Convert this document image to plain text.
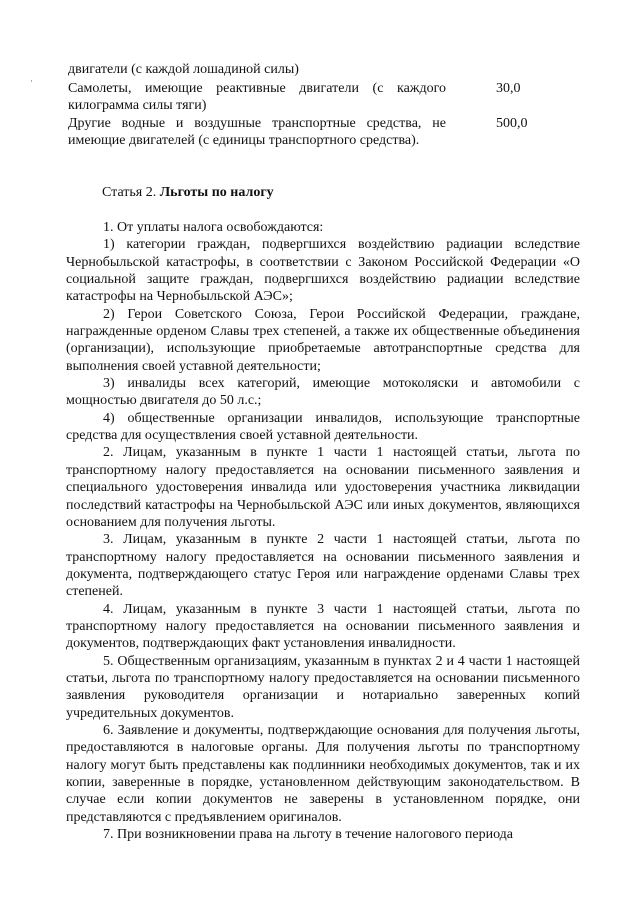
·
двигатели (с каждой лошадиной силы)
Самолеты, имеющие реактивные двигатели (с каждого килограмма силы тяги)
30,0
Другие водные и воздушные транспортные средства, не имеющие двигателей (с единицы транспортного средства).
500,0
Статья 2. Льготы по налогу

1. От уплаты налога освобождаются:

1) категории граждан, подвергшихся воздействию радиации вследствие Чернобыльской катастрофы, в соответствии с Законом Российской Федерации «О социальной защите граждан, подвергшихся воздействию радиации вследствие катастрофы на Чернобыльской АЭС»;

2) Герои Советского Союза, Герои Российской Федерации, граждане, награжденные орденом Славы трех степеней, а также их общественные объединения (организации), использующие приобретаемые автотранспортные средства для выполнения своей уставной деятельности;

3) инвалиды всех категорий, имеющие мотоколяски и автомобили с мощностью двигателя до 50 л.с.;

4) общественные организации инвалидов, использующие транспортные средства для осуществления своей уставной деятельности.

2. Лицам, указанным в пункте 1 части 1 настоящей статьи, льгота по транспортному налогу предоставляется на основании письменного заявления и специального удостоверения инвалида или удостоверения участника ликвидации последствий катастрофы на Чернобыльской АЭС или иных документов, являющихся основанием для получения льготы.

3. Лицам, указанным в пункте 2 части 1 настоящей статьи, льгота по транспортному налогу предоставляется на основании письменного заявления и документа, подтверждающего статус Героя или награждение орденами Славы трех степеней.

4. Лицам, указанным в пункте 3 части 1 настоящей статьи, льгота по транспортному налогу предоставляется на основании письменного заявления и документов, подтверждающих факт установления инвалидности.

5. Общественным организациям, указанным в пунктах 2 и 4 части 1 настоящей статьи, льгота по транспортному налогу предоставляется на основании письменного заявления руководителя организации и нотариально заверенных копий учредительных документов.

6. Заявление и документы, подтверждающие основания для получения льготы, предоставляются в налоговые органы. Для получения льготы по транспортному налогу могут быть представлены как подлинники необходимых документов, так и их копии, заверенные в порядке, установленном действующим законодательством. В случае если копии документов не заверены в установленном порядке, они представляются с предъявлением оригиналов.

7. При возникновении права на льготу в течение налогового периода
